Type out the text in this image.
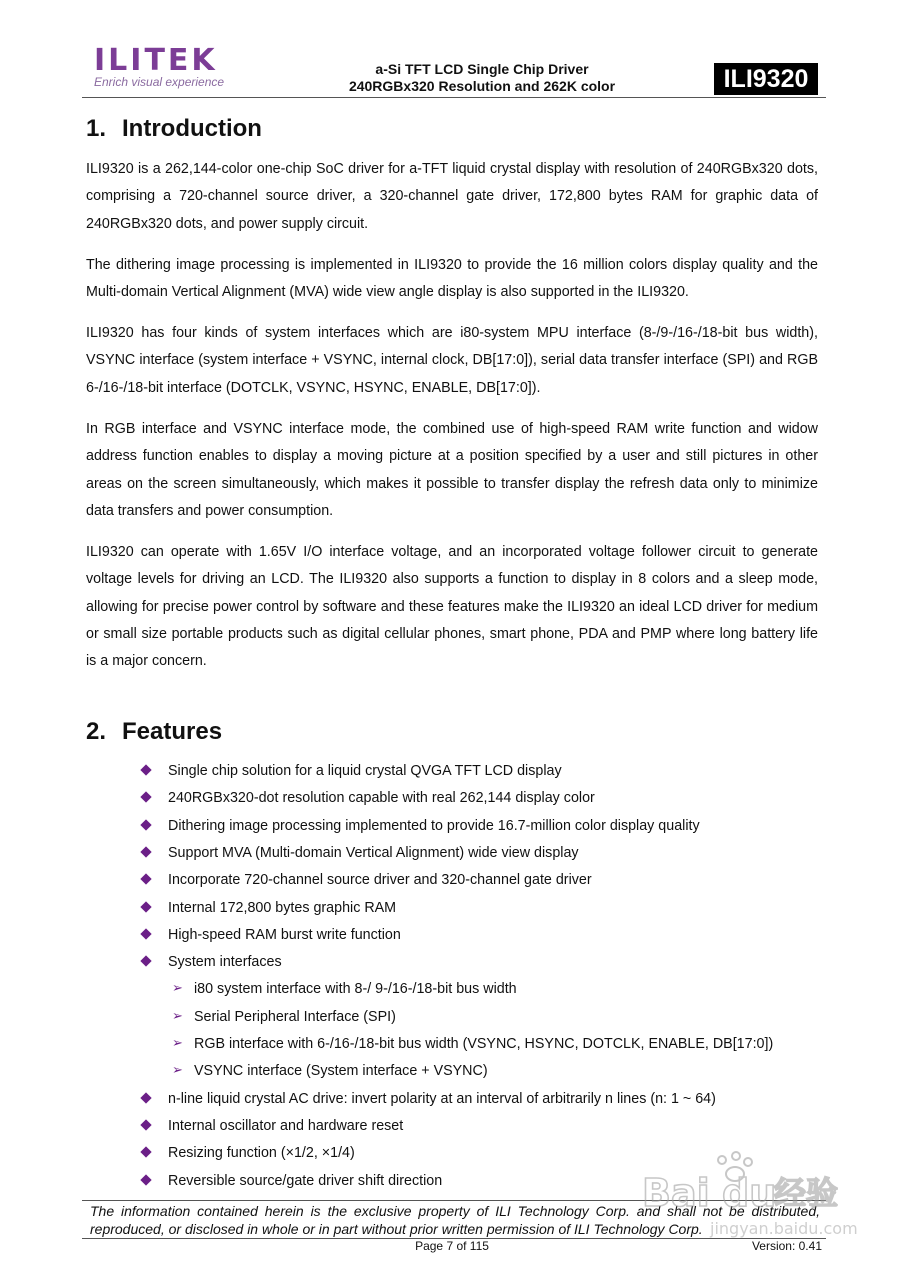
ILITEK
Enrich visual experience
a-Si TFT LCD Single Chip Driver
240RGBx320 Resolution and 262K color	ILI9320
1. Introduction

ILI9320 is a 262,144-color one-chip SoC driver for a-TFT liquid crystal display with resolution of 240RGBx320 dots, comprising a 720-channel source driver, a 320-channel gate driver, 172,800 bytes RAM for graphic data of 240RGBx320 dots, and power supply circuit.

The dithering image processing is implemented in ILI9320 to provide the 16 million colors display quality and the Multi-domain Vertical Alignment (MVA) wide view angle display is also supported in the ILI9320.

ILI9320 has four kinds of system interfaces which are i80-system MPU interface (8-/9-/16-/18-bit bus width), VSYNC interface (system interface + VSYNC, internal clock, DB[17:0]), serial data transfer interface (SPI) and RGB 6-/16-/18-bit interface (DOTCLK, VSYNC, HSYNC, ENABLE, DB[17:0]).

In RGB interface and VSYNC interface mode, the combined use of high-speed RAM write function and widow address function enables to display a moving picture at a position specified by a user and still pictures in other areas on the screen simultaneously, which makes it possible to transfer display the refresh data only to minimize data transfers and power consumption.

ILI9320 can operate with 1.65V I/O interface voltage, and an incorporated voltage follower circuit to generate voltage levels for driving an LCD. The ILI9320 also supports a function to display in 8 colors and a sleep mode, allowing for precise power control by software and these features make the ILI9320 an ideal LCD driver for medium or small size portable products such as digital cellular phones, smart phone, PDA and PMP where long battery life is a major concern.

2. Features
Single chip solution for a liquid crystal QVGA TFT LCD display
240RGBx320-dot resolution capable with real 262,144 display color
Dithering image processing implemented to provide 16.7-million color display quality
Support MVA (Multi-domain Vertical Alignment) wide view display
Incorporate 720-channel source driver and 320-channel gate driver
Internal 172,800 bytes graphic RAM
High-speed RAM burst write function
System interfaces
➢ i80 system interface with 8-/ 9-/16-/18-bit bus width
➢ Serial Peripheral Interface (SPI)
➢ RGB interface with 6-/16-/18-bit bus width (VSYNC, HSYNC, DOTCLK, ENABLE, DB[17:0])
➢ VSYNC interface (System interface + VSYNC)
n-line liquid crystal AC drive: invert polarity at an interval of arbitrarily n lines (n: 1 ~ 64)
Internal oscillator and hardware reset
Resizing function (×1/2, ×1/4)
Reversible source/gate driver shift direction
The information contained herein is the exclusive property of ILI Technology Corp. and shall not be distributed, reproduced, or disclosed in whole or in part without prior written permission of ILI Technology Corp.
Page 7 of 115	Version: 0.41
Bai du
经验
jingyan.baidu.com
